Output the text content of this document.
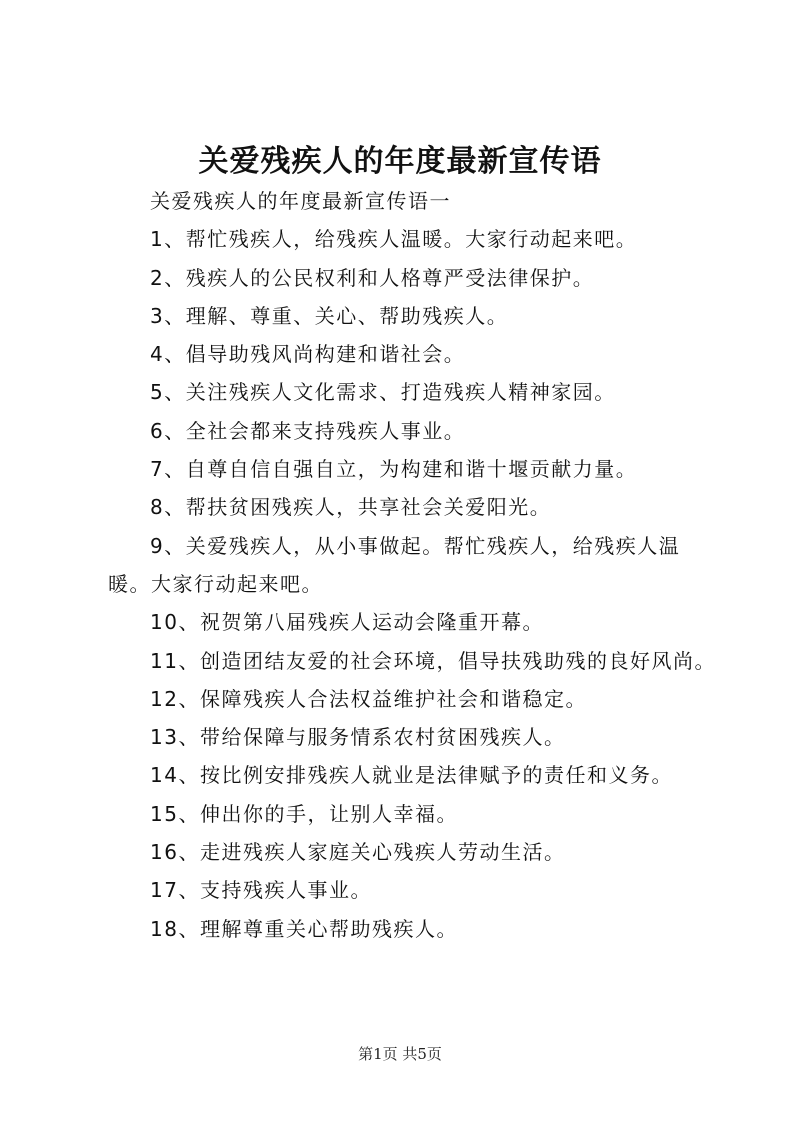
关爱残疾人的年度最新宣传语

关爱残疾人的年度最新宣传语一

1、帮忙残疾人，给残疾人温暖。大家行动起来吧。

2、残疾人的公民权利和人格尊严受法律保护。

3、理解、尊重、关心、帮助残疾人。

4、倡导助残风尚构建和谐社会。

5、关注残疾人文化需求、打造残疾人精神家园。

6、全社会都来支持残疾人事业。

7、自尊自信自强自立，为构建和谐十堰贡献力量。

8、帮扶贫困残疾人，共享社会关爱阳光。

9、关爱残疾人，从小事做起。帮忙残疾人，给残疾人温暖。大家行动起来吧。

10、祝贺第八届残疾人运动会隆重开幕。

11、创造团结友爱的社会环境，倡导扶残助残的良好风尚。

12、保障残疾人合法权益维护社会和谐稳定。

13、带给保障与服务情系农村贫困残疾人。

14、按比例安排残疾人就业是法律赋予的责任和义务。

15、伸出你的手，让别人幸福。

16、走进残疾人家庭关心残疾人劳动生活。

17、支持残疾人事业。

18、理解尊重关心帮助残疾人。

第1页 共5页
